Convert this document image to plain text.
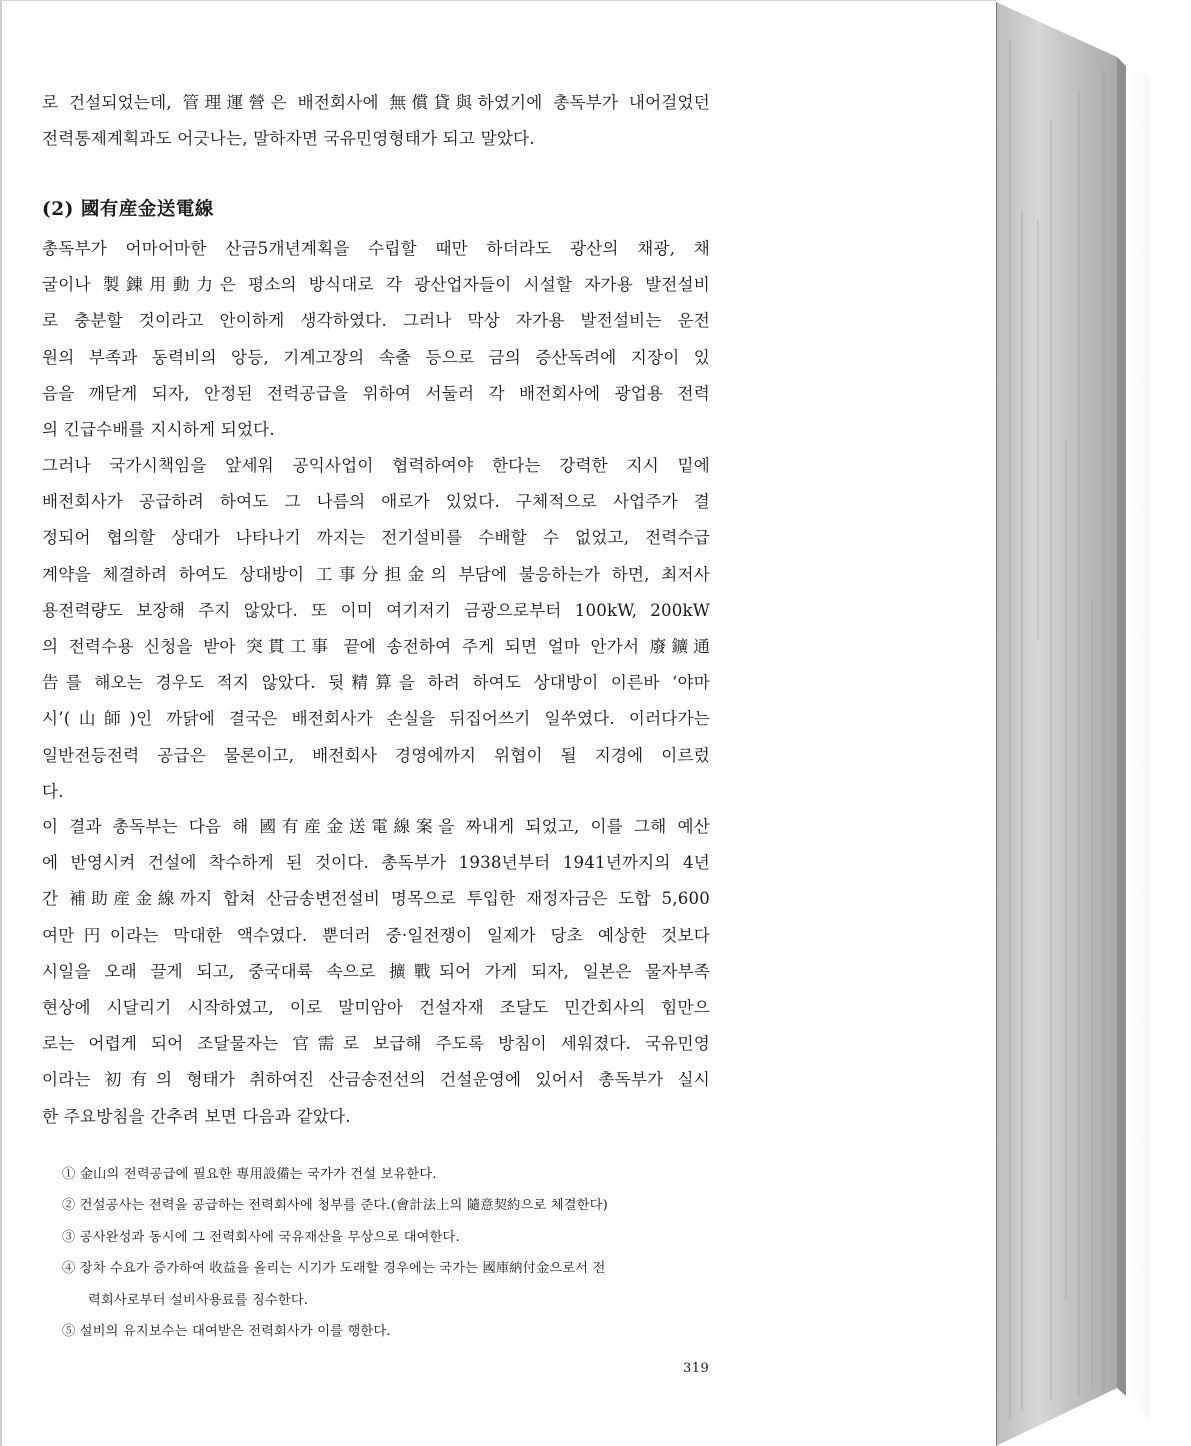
로 건설되었는데, 管理運營은 배전회사에 無償貸與하였기에 총독부가 내어걸었던
전력통제계획과도 어긋나는, 말하자면 국유민영형태가 되고 말았다.
(2) 國有産金送電線
총독부가 어마어마한 산금5개년계획을 수립할 때만 하더라도 광산의 채광, 채
굴이나 製錬用動力은 평소의 방식대로 각 광산업자들이 시설할 자가용 발전설비
로 충분할 것이라고 안이하게 생각하였다. 그러나 막상 자가용 발전설비는 운전
원의 부족과 동력비의 앙등, 기계고장의 속출 등으로 금의 증산독려에 지장이 있
음을 깨닫게 되자, 안정된 전력공급을 위하여 서둘러 각 배전회사에 광업용 전력
의 긴급수배를 지시하게 되었다.
그러나 국가시책임을 앞세워 공익사업이 협력하여야 한다는 강력한 지시 밑에
배전회사가 공급하려 하여도 그 나름의 애로가 있었다. 구체적으로 사업주가 결
정되어 협의할 상대가 나타나기 까지는 전기설비를 수배할 수 없었고, 전력수급
계약을 체결하려 하여도 상대방이 工事分担金의 부담에 불응하는가 하면, 최저사
용전력량도 보장해 주지 않았다. 또 이미 여기저기 금광으로부터 100kW, 200kW
의 전력수용 신청을 받아 突貫工事 끝에 송전하여 주게 되면 얼마 안가서 廢鑛通
告를 해오는 경우도 적지 않았다. 뒷精算을 하려 하여도 상대방이 이른바 ‘야마
시’(山師)인 까닭에 결국은 배전회사가 손실을 뒤집어쓰기 일쑤였다. 이러다가는
일반전등전력 공급은 물론이고, 배전회사 경영에까지 위협이 될 지경에 이르렀
다.
이 결과 총독부는 다음 해 國有産金送電線案을 짜내게 되었고, 이를 그해 예산
에 반영시켜 건설에 착수하게 된 것이다. 총독부가 1938년부터 1941년까지의 4년
간 補助産金線까지 합쳐 산금송변전설비 명목으로 투입한 재정자금은 도합 5,600
여만円이라는 막대한 액수였다. 뿐더러 중·일전쟁이 일제가 당초 예상한 것보다
시일을 오래 끌게 되고, 중국대륙 속으로 擴戰되어 가게 되자, 일본은 물자부족
현상에 시달리기 시작하였고, 이로 말미암아 건설자재 조달도 민간회사의 힘만으
로는 어렵게 되어 조달물자는 官需로 보급해 주도록 방침이 세워졌다. 국유민영
이라는 初有의 형태가 취하여진 산금송전선의 건설운영에 있어서 총독부가 실시
한 주요방침을 간추려 보면 다음과 같았다.
① 金山의 전력공급에 필요한 專用設備는 국가가 건설 보유한다.
② 건설공사는 전력을 공급하는 전력회사에 청부를 준다.(會計法上의 隨意契約으로 체결한다)
③ 공사완성과 동시에 그 전력회사에 국유재산을 무상으로 대여한다.
④ 장차 수요가 증가하여 收益을 올리는 시기가 도래할 경우에는 국가는 國庫納付金으로서 전
력회사로부터 설비사용료를 징수한다.
⑤ 설비의 유지보수는 대여받은 전력회사가 이를 행한다.
319
